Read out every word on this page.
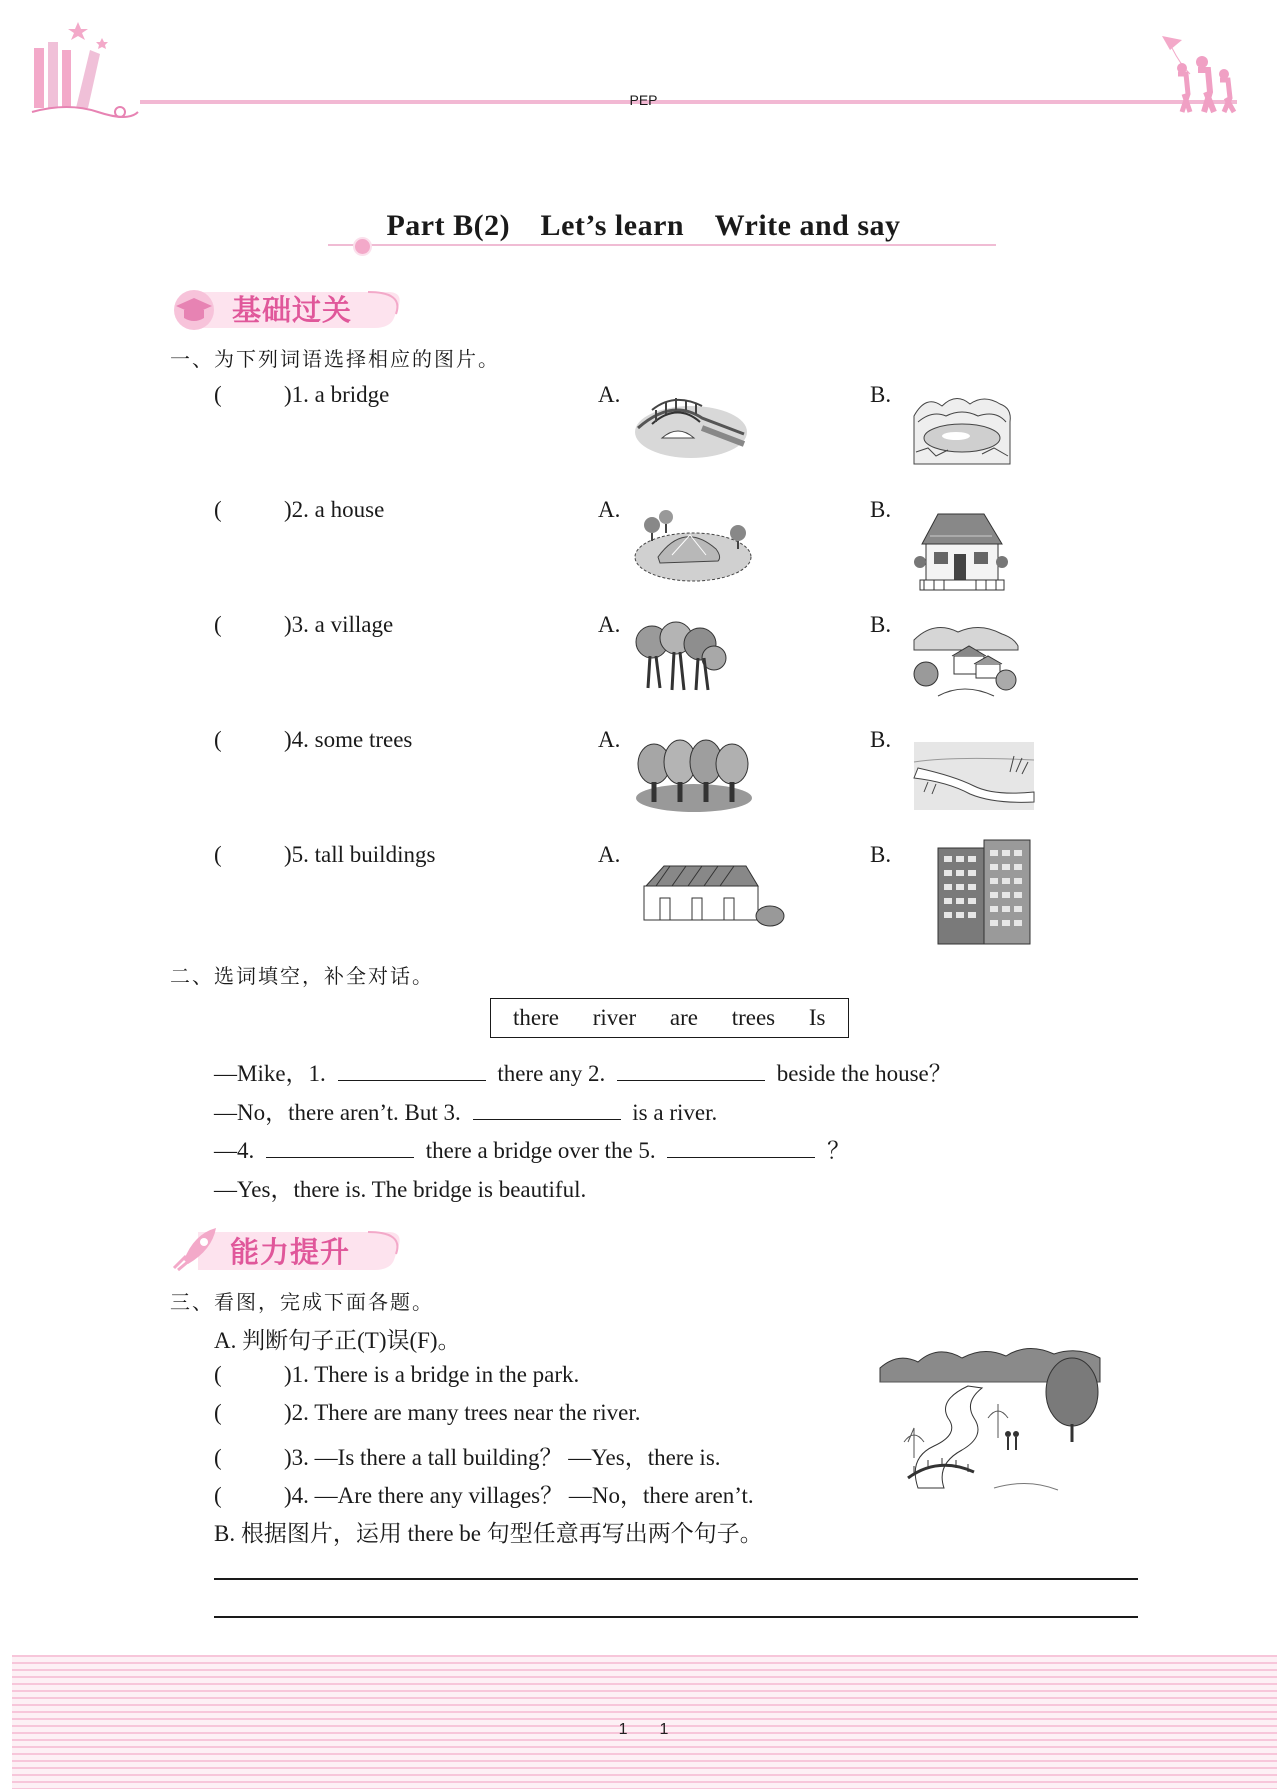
PEP
Part B(2)　Let’s learn　Write and say
基础过关
一、为下列词语选择相应的图片。
(	)1. a bridge	A.	B.
(	)2. a house	A.	B.
(	)3. a village	A.	B.
(	)4. some trees	A.	B.
(	)5. tall buildings	A.	B.
二、选词填空，补全对话。
there river are trees Is
—Mike，1.	there any 2.	beside the house？
—No，there aren’t. But 3.	is a river.
—4.	there a bridge over the 5.	？
—Yes，there is. The bridge is beautiful.
能力提升
三、看图，完成下面各题。
A. 判断句子正(T)误(F)。
(	)1. There is a bridge in the park.
(	)2. There are many trees near the river.
(	)3. —Is there a tall building？ —Yes，there is.
(	)4. —Are there any villages？ —No，there aren’t.
B. 根据图片，运用 there be 句型任意再写出两个句子。
1　　1
